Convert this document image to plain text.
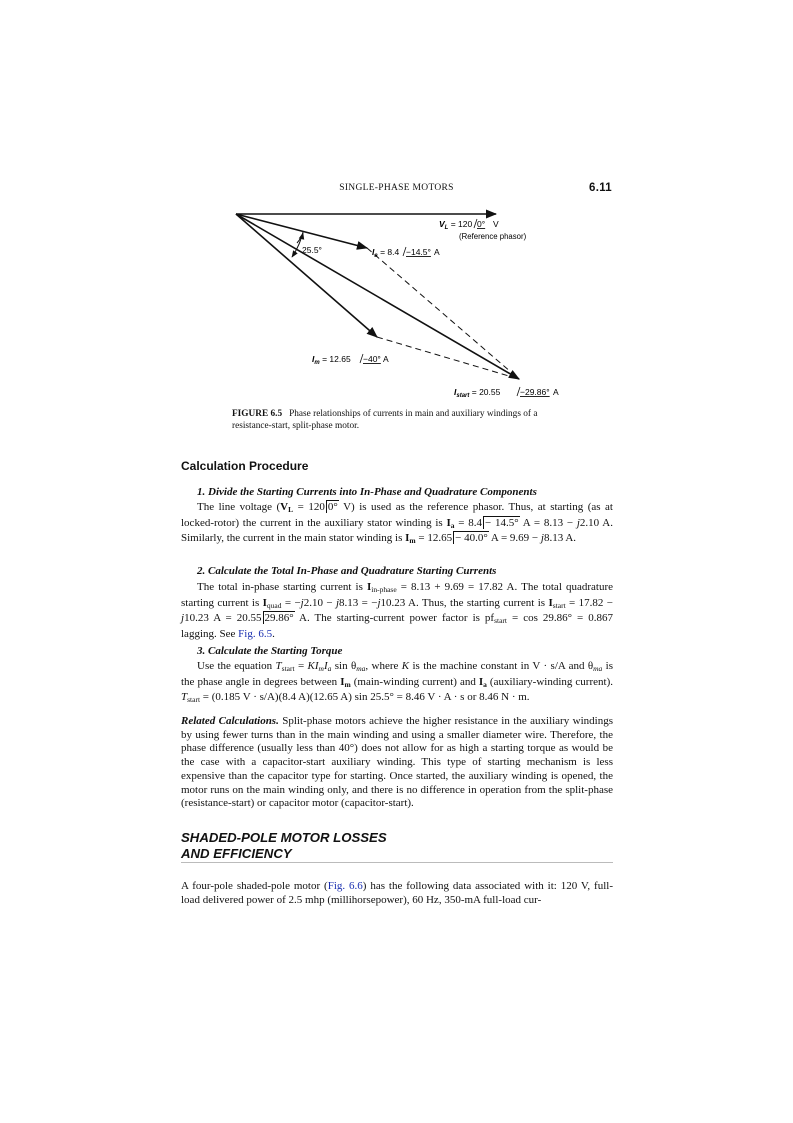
SINGLE-PHASE MOTORS	6.11
$V_L = 120$ 0° V
(Reference phasor)
$I_a = 8.4 -14.5^\circ$ A
$I_m = 12.65 -40^\circ$ A
$I_{start} = 20.55 -29.86^\circ$ A
25.5°
FIGURE 6.5 Phase relationships of currents in main and auxiliary windings of a resistance-start, split-phase motor.
Calculation Procedure
1. Divide the Starting Currents into In-Phase and Quadrature Components
The line voltage ($V_L = 120$ 0° V) is used as the reference phasor. Thus, at starting (as at locked-rotor) the current in the auxiliary stator winding is $I_a = 8.4 - 14.5^\circ$ A = 8.13 − j2.10 A. Similarly, the current in the main stator winding is $I_m = 12.65 - 40.0^\circ$ A = 9.69 − j8.13 A.
2. Calculate the Total In-Phase and Quadrature Starting Currents
The total in-phase starting current is $I_{in-phase} = 8.13 + 9.69 = 17.82$ A. The total quadrature starting current is $I_{quad} = -j2.10 - j8.13 = -j10.23$ A. Thus, the starting current is $I_{start} = 17.82 - j10.23$ A = 20.55 29.86° A. The starting-current power factor is $pf_{start} = \cos 29.86^\circ = 0.867$ lagging. See Fig. 6.5.
3. Calculate the Starting Torque
Use the equation $T_{start} = KI_mI_a$ $\sin \theta_{ma}$, where K is the machine constant in V · s/A and $\theta_{ma}$ is the phase angle in degrees between $I_m$ (main-winding current) and $I_a$ (auxiliary-winding current). $T_{start} = (0.185$ V · s/A)(8.4 A)(12.65 A) sin 25.5° = 8.46 V · A · s or 8.46 N · m.
Related Calculations. Split-phase motors achieve the higher resistance in the auxiliary windings by using fewer turns than in the main winding and using a smaller diameter wire. Therefore, the phase difference (usually less than 40°) does not allow for as high a starting torque as would be the case with a capacitor-start auxiliary winding. This type of starting mechanism is less expensive than the capacitor type for starting. Once started, the auxiliary winding is opened, the motor runs on the main winding only, and there is no difference in operation from the split-phase (resistance-start) or capacitor motor (capacitor-start).
SHADED-POLE MOTOR LOSSES
AND EFFICIENCY
A four-pole shaded-pole motor (Fig. 6.6) has the following data associated with it: 120 V, full-load delivered power of 2.5 mhp (millihorsepower), 60 Hz, 350-mA full-load cur-
